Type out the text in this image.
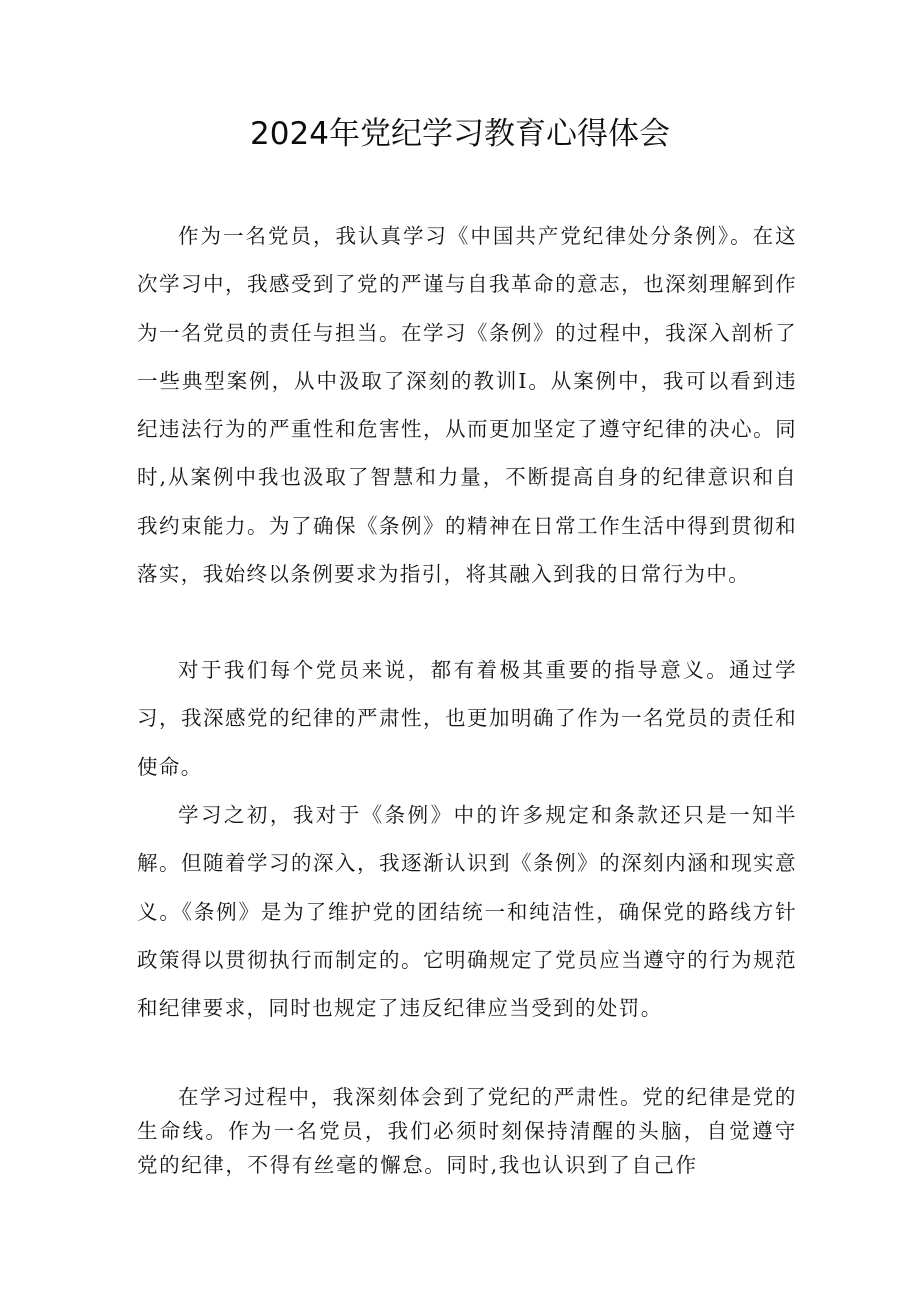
2024年党纪学习教育心得体会

作为一名党员，我认真学习《中国共产党纪律处分条例》。在这次学习中，我感受到了党的严谨与自我革命的意志，也深刻理解到作为一名党员的责任与担当。在学习《条例》的过程中，我深入剖析了一些典型案例，从中汲取了深刻的教训I。从案例中，我可以看到违纪违法行为的严重性和危害性，从而更加坚定了遵守纪律的决心。同时,从案例中我也汲取了智慧和力量，不断提高自身的纪律意识和自我约束能力。为了确保《条例》的精神在日常工作生活中得到贯彻和落实，我始终以条例要求为指引，将其融入到我的日常行为中。

对于我们每个党员来说，都有着极其重要的指导意义。通过学习，我深感党的纪律的严肃性，也更加明确了作为一名党员的责任和使命。

学习之初，我对于《条例》中的许多规定和条款还只是一知半解。但随着学习的深入，我逐渐认识到《条例》的深刻内涵和现实意义。《条例》是为了维护党的团结统一和纯洁性，确保党的路线方针政策得以贯彻执行而制定的。它明确规定了党员应当遵守的行为规范和纪律要求，同时也规定了违反纪律应当受到的处罚。

在学习过程中，我深刻体会到了党纪的严肃性。党的纪律是党的生命线。作为一名党员，我们必须时刻保持清醒的头脑，自觉遵守党的纪律，不得有丝毫的懈怠。同时,我也认识到了自己作
